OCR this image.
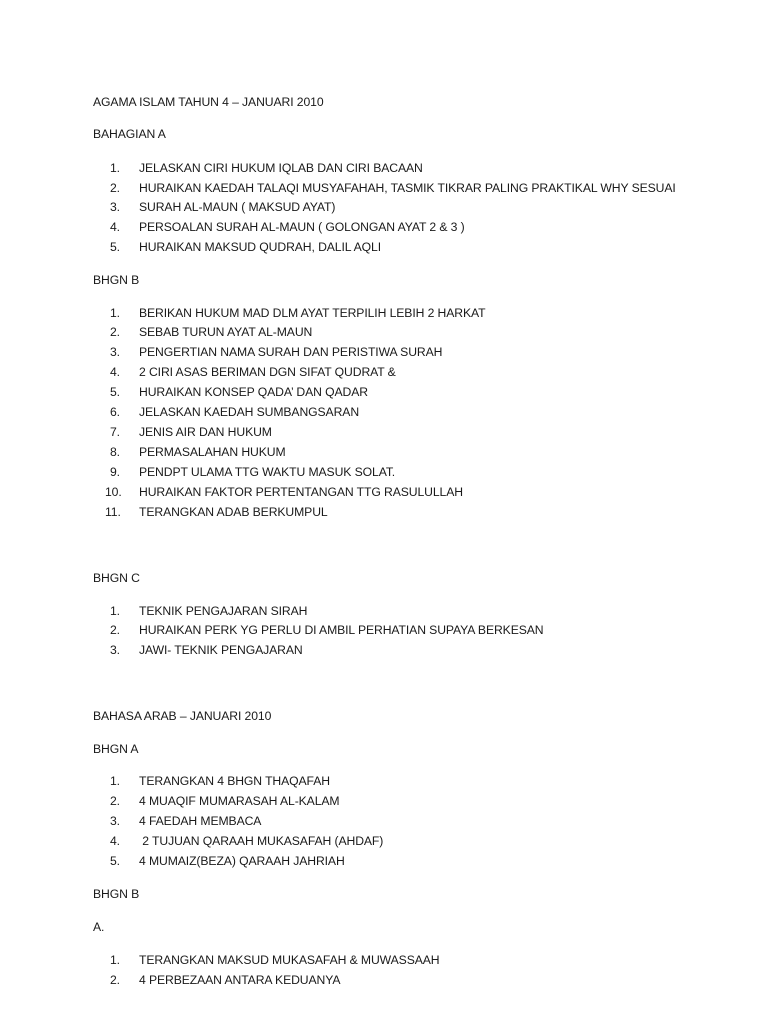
AGAMA ISLAM TAHUN 4 – JANUARI 2010
BAHAGIAN A
1. JELASKAN CIRI HUKUM IQLAB DAN CIRI BACAAN
2. HURAIKAN KAEDAH TALAQI MUSYAFAHAH, TASMIK TIKRAR PALING PRAKTIKAL WHY SESUAI
3. SURAH AL-MAUN ( MAKSUD AYAT)
4. PERSOALAN SURAH AL-MAUN ( GOLONGAN AYAT 2 & 3 )
5. HURAIKAN MAKSUD QUDRAH, DALIL AQLI
BHGN B
1. BERIKAN HUKUM MAD DLM AYAT TERPILIH LEBIH 2 HARKAT
2. SEBAB TURUN AYAT AL-MAUN
3. PENGERTIAN NAMA SURAH DAN PERISTIWA SURAH
4. 2 CIRI ASAS BERIMAN DGN SIFAT QUDRAT &
5. HURAIKAN KONSEP QADA’ DAN QADAR
6. JELASKAN KAEDAH SUMBANGSARAN
7. JENIS AIR DAN HUKUM
8. PERMASALAHAN HUKUM
9. PENDPT ULAMA TTG WAKTU MASUK SOLAT.
10. HURAIKAN FAKTOR PERTENTANGAN TTG RASULULLAH
11. TERANGKAN ADAB BERKUMPUL
BHGN C
1. TEKNIK PENGAJARAN SIRAH
2. HURAIKAN PERK YG PERLU DI AMBIL PERHATIAN SUPAYA BERKESAN
3. JAWI- TEKNIK PENGAJARAN
BAHASA ARAB – JANUARI 2010
BHGN A
1. TERANGKAN 4 BHGN THAQAFAH
2. 4 MUAQIF MUMARASAH AL-KALAM
3. 4 FAEDAH MEMBACA
4. 2 TUJUAN QARAAH MUKASAFAH (AHDAF)
5. 4 MUMAIZ(BEZA) QARAAH JAHRIAH
BHGN B
A.
1. TERANGKAN MAKSUD MUKASAFAH & MUWASSAAH
2. 4 PERBEZAAN ANTARA KEDUANYA
